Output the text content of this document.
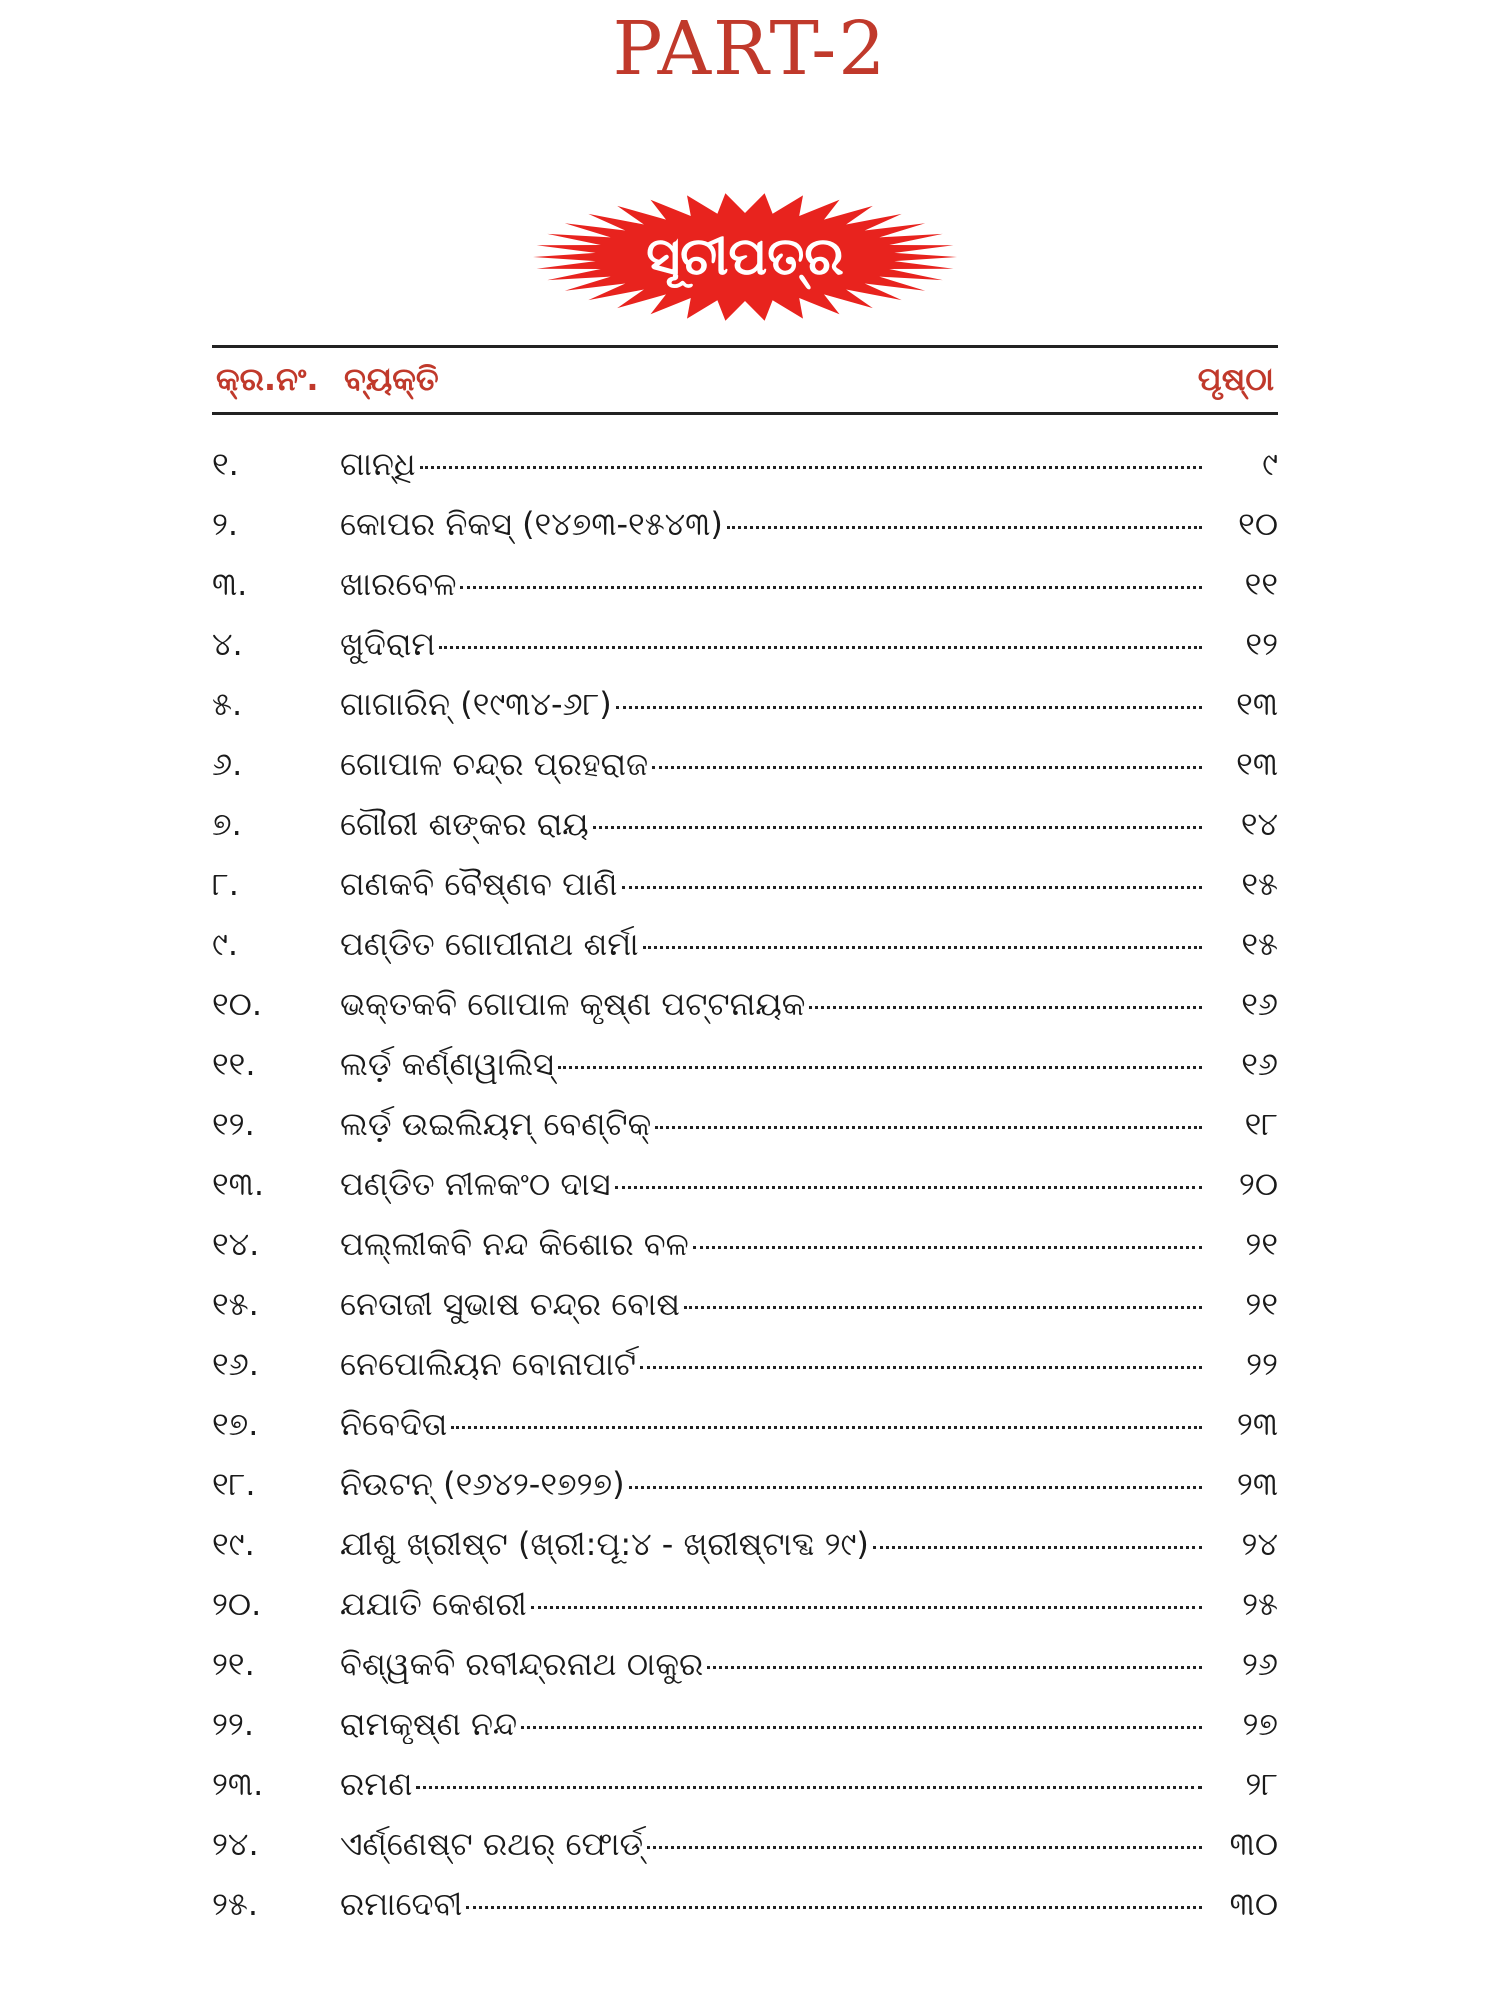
PART-2
ସୂଚୀପତ୍ର
କ୍ର.ନଂ. ବ୍ୟକ୍ତି	ପୃଷ୍ଠା
୧.	ଗାନ୍ଧି	୯
୨.	କୋପର ନିକସ୍ (୧୪୭୩-୧୫୪୩)	୧୦
୩.	ଖାରବେଳ	୧୧
୪.	ଖୁଦିରାମ	୧୨
୫.	ଗାଗାରିନ୍ (୧୯୩୪-୬୮)	୧୩
୬.	ଗୋପାଳ ଚନ୍ଦ୍ର ପ୍ରହରାଜ	୧୩
୭.	ଗୌରୀ ଶଙ୍କର ରାୟ	୧୪
୮.	ଗଣକବି ବୈଷ୍ଣବ ପାଣି	୧୫
୯.	ପଣ୍ଡିତ ଗୋପୀନାଥ ଶର୍ମା	୧୫
୧୦.	ଭକ୍ତକବି ଗୋପାଳ କୃଷ୍ଣ ପଟ୍ଟନାୟକ	୧୬
୧୧.	ଲର୍ଡ଼ କର୍ଣ୍ଣୱାଲିସ୍	୧୬
୧୨.	ଲର୍ଡ଼ ଉଇଲିୟମ୍ ବେଣ୍ଟିକ୍	୧୮
୧୩.	ପଣ୍ଡିତ ନୀଳକଂଠ ଦାସ	୨୦
୧୪.	ପଲ୍ଲୀକବି ନନ୍ଦ କିଶୋର ବଳ	୨୧
୧୫.	ନେତାଜୀ ସୁଭାଷ ଚନ୍ଦ୍ର ବୋଷ	୨୧
୧୬.	ନେପୋଲିୟନ ବୋନାପାର୍ଟ	୨୨
୧୭.	ନିବେଦିତା	୨୩
୧୮.	ନିଉଟନ୍ (୧୬୪୨-୧୭୨୭)	୨୩
୧୯.	ଯୀଶୁ ଖ୍ରୀଷ୍ଟ (ଖ୍ରୀ:ପୂ:୪ - ଖ୍ରୀଷ୍ଟାବ୍ଦ ୨୯)	୨୪
୨୦.	ଯଯାତି କେଶରୀ	୨୫
୨୧.	ବିଶ୍ୱକବି ରବୀନ୍ଦ୍ରନାଥ ଠାକୁର	୨୬
୨୨.	ରାମକୃଷ୍ଣ ନନ୍ଦ	୨୭
୨୩.	ରମଣ	୨୮
୨୪.	ଏର୍ଣ୍ଣେଷ୍ଟ ରଥର୍ ଫୋର୍ଡ୍	୩୦
୨୫.	ରମାଦେବୀ	୩୦
